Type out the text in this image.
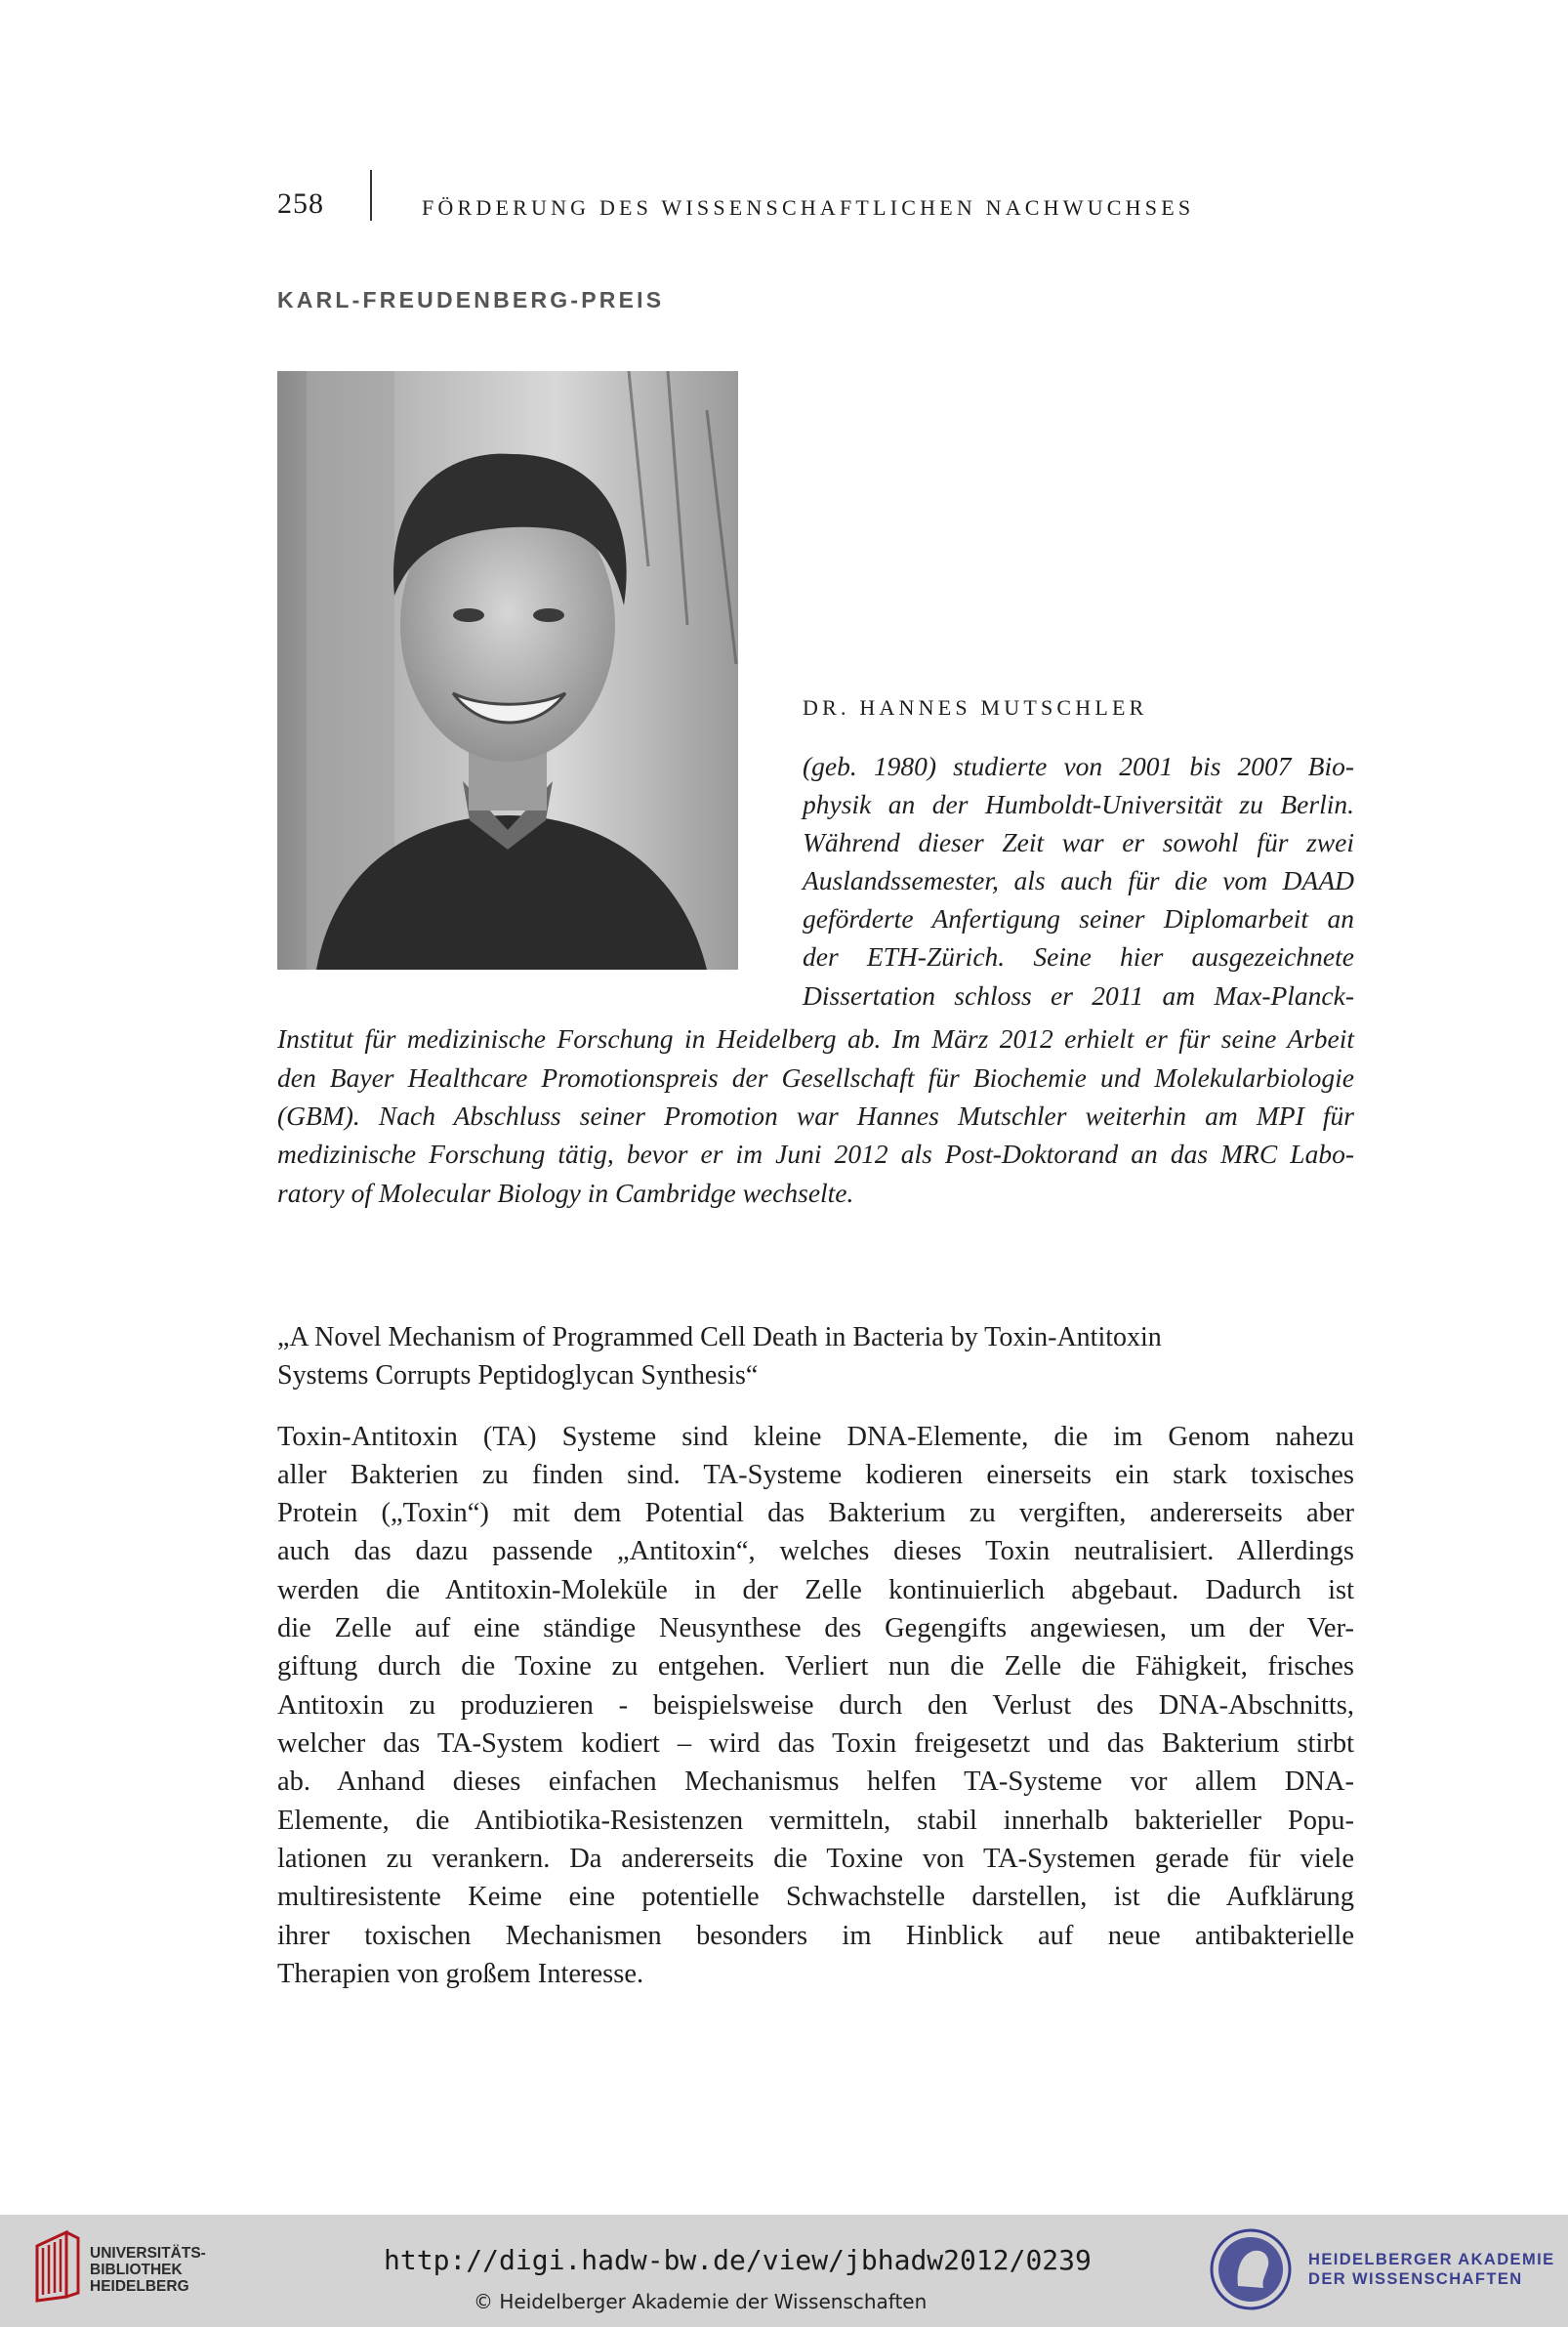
258	FÖRDERUNG DES WISSENSCHAFTLICHEN NACHWUCHSES
KARL-FREUDENBERG-PREIS
DR. HANNES MUTSCHLER
(geb. 1980) studierte von 2001 bis 2007 Bio-
physik an der Humboldt-Universität zu Berlin.
Während dieser Zeit war er sowohl für zwei
Auslandssemester, als auch für die vom DAAD
geförderte Anfertigung seiner Diplomarbeit an
der ETH-Zürich. Seine hier ausgezeichnete
Dissertation schloss er 2011 am Max-Planck-
Institut für medizinische Forschung in Heidelberg ab. Im März 2012 erhielt er für seine Arbeit
den Bayer Healthcare Promotionspreis der Gesellschaft für Biochemie und Molekularbiologie
(GBM). Nach Abschluss seiner Promotion war Hannes Mutschler weiterhin am MPI für
medizinische Forschung tätig, bevor er im Juni 2012 als Post-Doktorand an das MRC Labo-
ratory of Molecular Biology in Cambridge wechselte.
„A Novel Mechanism of Programmed Cell Death in Bacteria by Toxin-Antitoxin
Systems Corrupts Peptidoglycan Synthesis“
Toxin-Antitoxin (TA) Systeme sind kleine DNA-Elemente, die im Genom nahezu
aller Bakterien zu finden sind. TA-Systeme kodieren einerseits ein stark toxisches
Protein („Toxin“) mit dem Potential das Bakterium zu vergiften, andererseits aber
auch das dazu passende „Antitoxin“, welches dieses Toxin neutralisiert. Allerdings
werden die Antitoxin-Moleküle in der Zelle kontinuierlich abgebaut. Dadurch ist
die Zelle auf eine ständige Neusynthese des Gegengifts angewiesen, um der Ver-
giftung durch die Toxine zu entgehen. Verliert nun die Zelle die Fähigkeit, frisches
Antitoxin zu produzieren - beispielsweise durch den Verlust des DNA-Abschnitts,
welcher das TA-System kodiert – wird das Toxin freigesetzt und das Bakterium stirbt
ab. Anhand dieses einfachen Mechanismus helfen TA-Systeme vor allem DNA-
Elemente, die Antibiotika-Resistenzen vermitteln, stabil innerhalb bakterieller Popu-
lationen zu verankern. Da andererseits die Toxine von TA-Systemen gerade für viele
multiresistente Keime eine potentielle Schwachstelle darstellen, ist die Aufklärung
ihrer toxischen Mechanismen besonders im Hinblick auf neue antibakterielle
Therapien von großem Interesse.
UNIVERSITÄTS-
BIBLIOTHEK
HEIDELBERG
http://digi.hadw-bw.de/view/jbhadw2012/0239
© Heidelberger Akademie der Wissenschaften
HEIDELBERGER AKADEMIE
DER WISSENSCHAFTEN
